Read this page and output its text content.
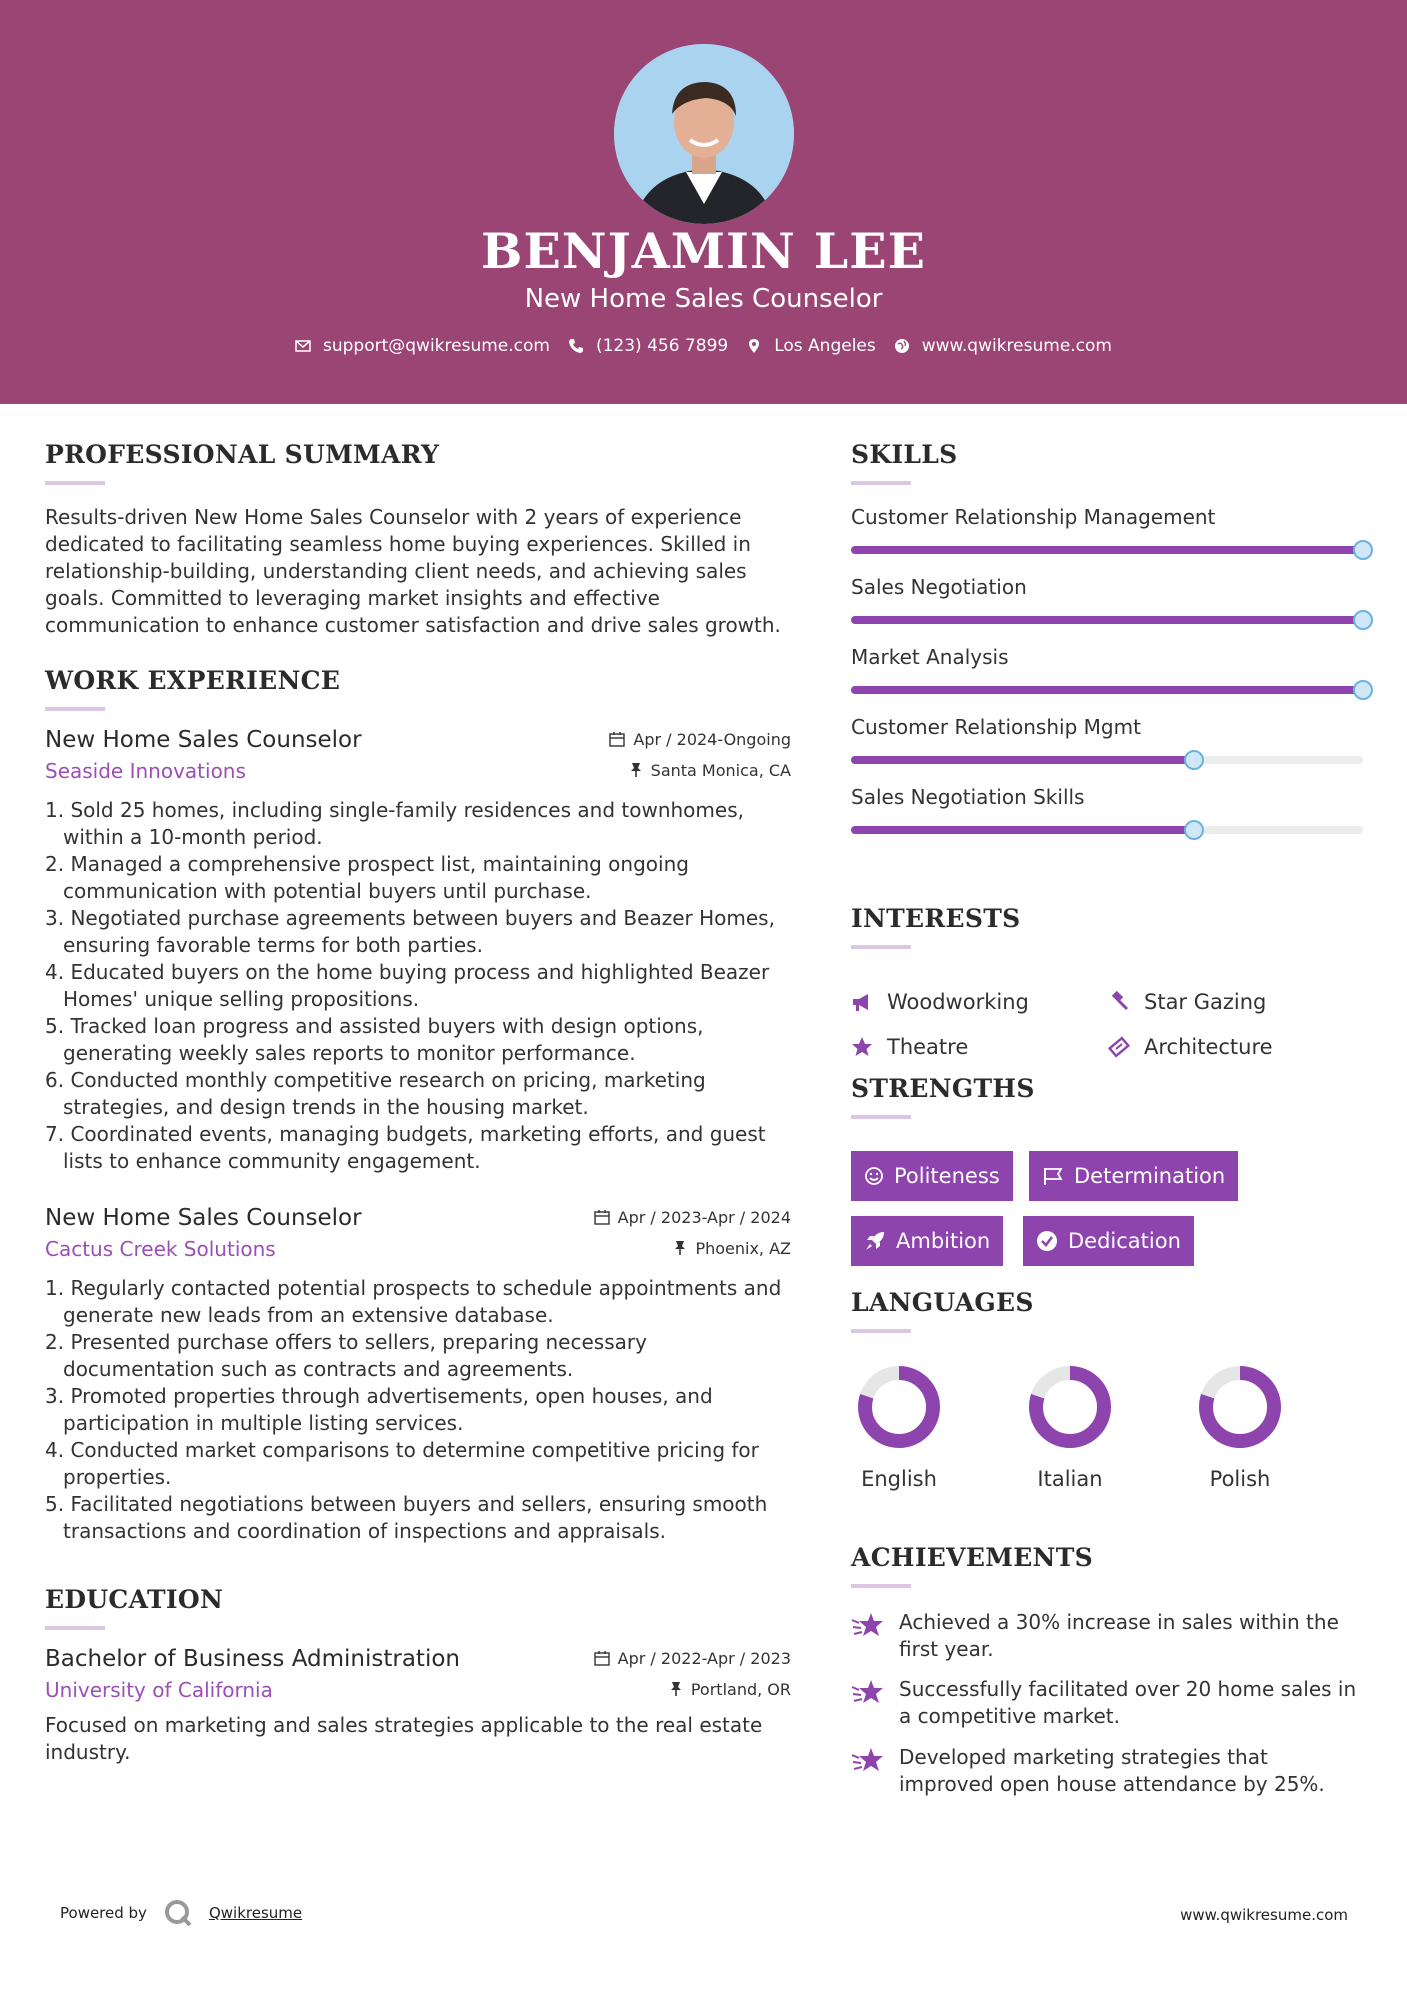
BENJAMIN LEE
New Home Sales Counselor
support@qwikresume.com	(123) 456 7899	Los Angeles	www.qwikresume.com
PROFESSIONAL SUMMARY
Results-driven New Home Sales Counselor with 2 years of experience dedicated to facilitating seamless home buying experiences. Skilled in relationship-building, understanding client needs, and achieving sales goals. Committed to leveraging market insights and effective communication to enhance customer satisfaction and drive sales growth.
WORK EXPERIENCE
New Home Sales Counselor	Apr / 2024-Ongoing
Seaside Innovations	Santa Monica, CA
1. Sold 25 homes, including single-family residences and townhomes, within a 10-month period.
2. Managed a comprehensive prospect list, maintaining ongoing communication with potential buyers until purchase.
3. Negotiated purchase agreements between buyers and Beazer Homes, ensuring favorable terms for both parties.
4. Educated buyers on the home buying process and highlighted Beazer Homes' unique selling propositions.
5. Tracked loan progress and assisted buyers with design options, generating weekly sales reports to monitor performance.
6. Conducted monthly competitive research on pricing, marketing strategies, and design trends in the housing market.
7. Coordinated events, managing budgets, marketing efforts, and guest lists to enhance community engagement.
New Home Sales Counselor	Apr / 2023-Apr / 2024
Cactus Creek Solutions	Phoenix, AZ
1. Regularly contacted potential prospects to schedule appointments and generate new leads from an extensive database.
2. Presented purchase offers to sellers, preparing necessary documentation such as contracts and agreements.
3. Promoted properties through advertisements, open houses, and participation in multiple listing services.
4. Conducted market comparisons to determine competitive pricing for properties.
5. Facilitated negotiations between buyers and sellers, ensuring smooth transactions and coordination of inspections and appraisals.
EDUCATION
Bachelor of Business Administration	Apr / 2022-Apr / 2023
University of California	Portland, OR
Focused on marketing and sales strategies applicable to the real estate industry.
SKILLS
Customer Relationship Management
Sales Negotiation
Market Analysis
Customer Relationship Mgmt
Sales Negotiation Skills
INTERESTS
Woodworking	Star Gazing
Theatre	Architecture
STRENGTHS
Politeness	Determination
Ambition	Dedication
LANGUAGES
English	Italian	Polish
ACHIEVEMENTS
Achieved a 30% increase in sales within the first year.
Successfully facilitated over 20 home sales in a competitive market.
Developed marketing strategies that improved open house attendance by 25%.
Powered by	Qwikresume	www.qwikresume.com
